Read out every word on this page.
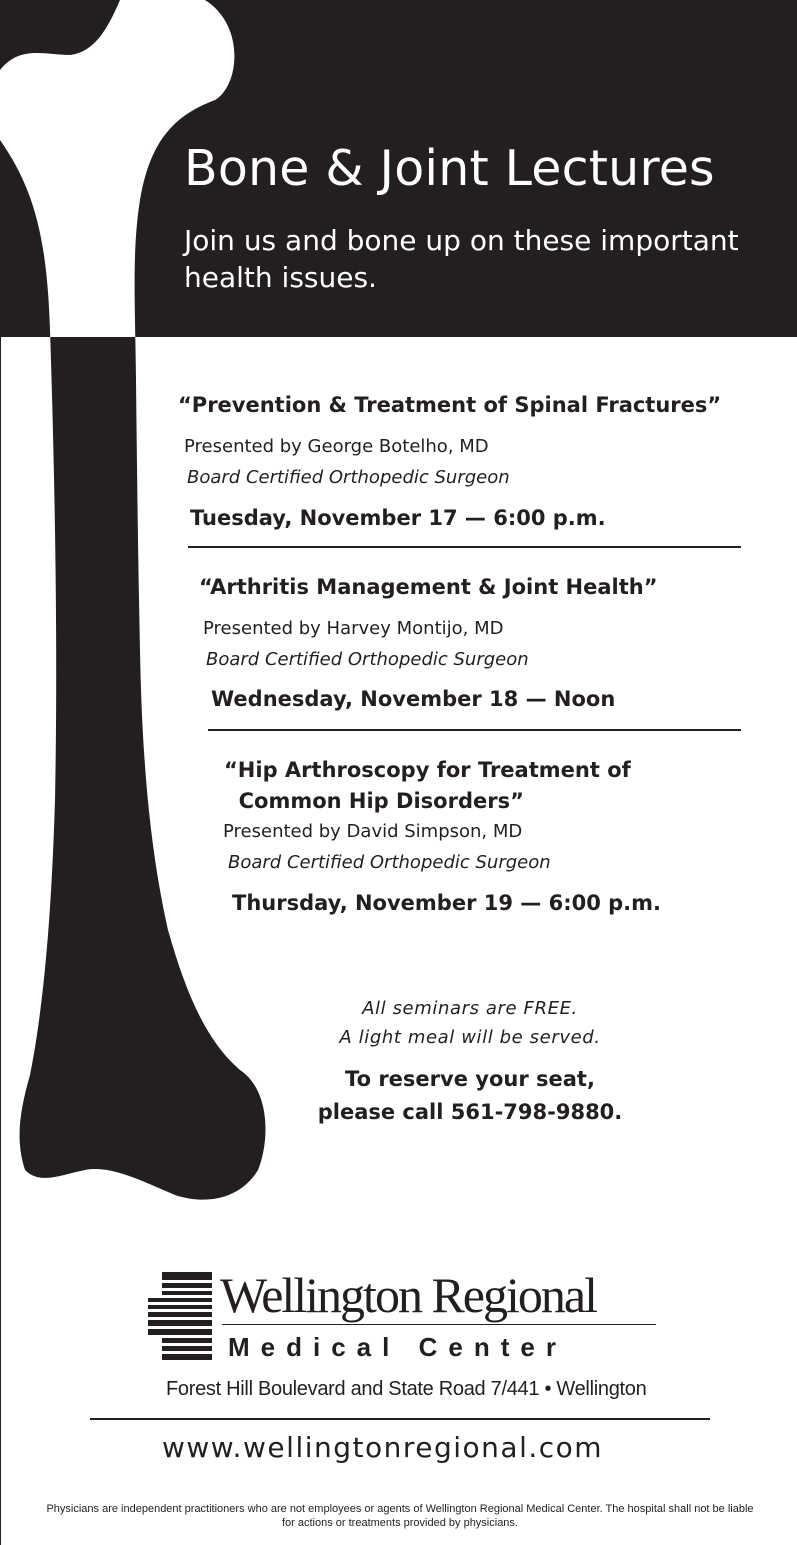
Bone & Joint Lectures
Join us and bone up on these important health issues.
“Prevention & Treatment of Spinal Fractures”
Presented by George Botelho, MD
Board Certified Orthopedic Surgeon
Tuesday, November 17 — 6:00 p.m.
“Arthritis Management & Joint Health”
Presented by Harvey Montijo, MD
Board Certified Orthopedic Surgeon
Wednesday, November 18 — Noon
“Hip Arthroscopy for Treatment of
Common Hip Disorders”
Presented by David Simpson, MD
Board Certified Orthopedic Surgeon
Thursday, November 19 — 6:00 p.m.
All seminars are FREE.
A light meal will be served.
To reserve your seat,
please call 561-798-9880.
Wellington Regional
Medical Center
Forest Hill Boulevard and State Road 7/441 • Wellington
www.wellingtonregional.com
Physicians are independent practitioners who are not employees or agents of Wellington Regional Medical Center. The hospital shall not be liable for actions or treatments provided by physicians.
